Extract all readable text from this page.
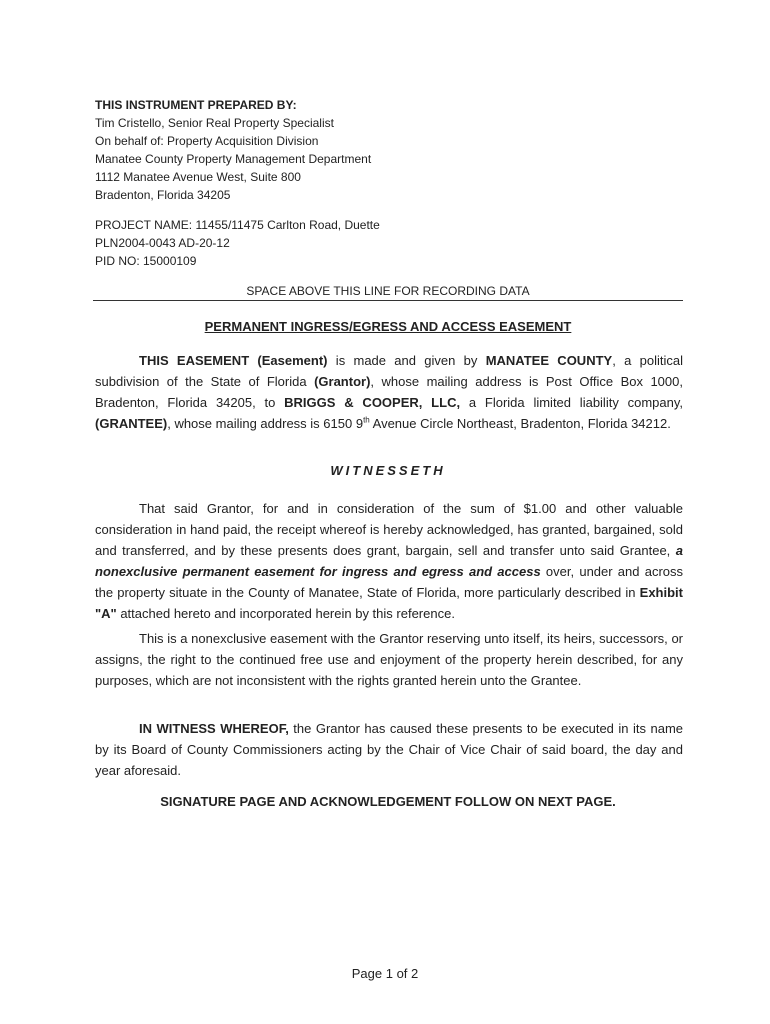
THIS INSTRUMENT PREPARED BY:
Tim Cristello, Senior Real Property Specialist
On behalf of: Property Acquisition Division
Manatee County Property Management Department
1112 Manatee Avenue West, Suite 800
Bradenton, Florida 34205
PROJECT NAME: 11455/11475 Carlton Road, Duette
PLN2004-0043 AD-20-12
PID NO: 15000109
SPACE ABOVE THIS LINE FOR RECORDING DATA
PERMANENT INGRESS/EGRESS AND ACCESS EASEMENT
THIS EASEMENT (Easement) is made and given by MANATEE COUNTY, a political subdivision of the State of Florida (Grantor), whose mailing address is Post Office Box 1000, Bradenton, Florida 34205, to BRIGGS & COOPER, LLC, a Florida limited liability company, (GRANTEE), whose mailing address is 6150 9th Avenue Circle Northeast, Bradenton, Florida 34212.
WITNESSETH
That said Grantor, for and in consideration of the sum of $1.00 and other valuable consideration in hand paid, the receipt whereof is hereby acknowledged, has granted, bargained, sold and transferred, and by these presents does grant, bargain, sell and transfer unto said Grantee, a nonexclusive permanent easement for ingress and egress and access over, under and across the property situate in the County of Manatee, State of Florida, more particularly described in Exhibit "A" attached hereto and incorporated herein by this reference.
This is a nonexclusive easement with the Grantor reserving unto itself, its heirs, successors, or assigns, the right to the continued free use and enjoyment of the property herein described, for any purposes, which are not inconsistent with the rights granted herein unto the Grantee.
IN WITNESS WHEREOF, the Grantor has caused these presents to be executed in its name by its Board of County Commissioners acting by the Chair of Vice Chair of said board, the day and year aforesaid.
SIGNATURE PAGE AND ACKNOWLEDGEMENT FOLLOW ON NEXT PAGE.
Page 1 of 2
